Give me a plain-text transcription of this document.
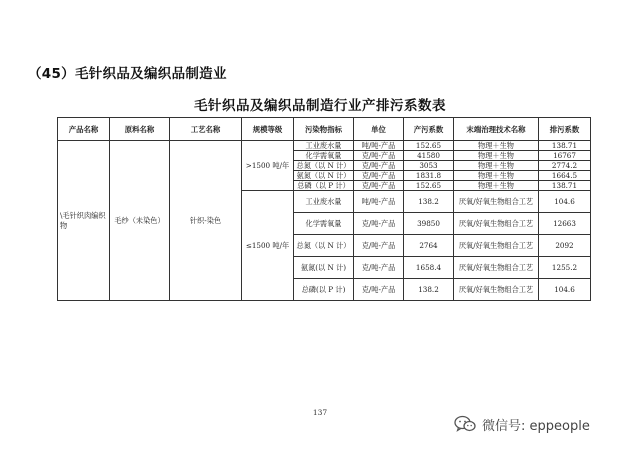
（45）毛针织品及编织品制造业
毛针织品及编织品制造行业产排污系数表
产品名称	原料名称	工艺名称	规模等级	污染物指标	单位	产污系数	末端治理技术名称	排污系数
\毛针织肉编织物	毛纱（未染色）	针织-染色	>1500 吨/年	工业废水量	吨/吨-产品	152.65	物理＋生物	138.71
				化学需氧量	克/吨-产品	41580	物理＋生物	16767
				总氮（以 N 计）	克/吨-产品	3053	物理＋生物	2774.2
				氨氮（以 N 计）	克/吨-产品	1831.8	物理＋生物	1664.5
				总磷（以 P 计）	克/吨-产品	152.65	物理＋生物	138.71
			≤1500 吨/年	工业废水量	吨/吨-产品	138.2	厌氧/好氧生物组合工艺	104.6
				化学需氧量	克/吨-产品	39850	厌氧/好氧生物组合工艺	12663
				总氮（以 N 计）	克/吨-产品	2764	厌氧/好氧生物组合工艺	2092
				氨氮(以 N 计)	克/吨-产品	1658.4	厌氧/好氧生物组合工艺	1255.2
				总磷(以 P 计)	克/吨-产品	138.2	厌氧/好氧生物组合工艺	104.6
137
微信号: eppeople
